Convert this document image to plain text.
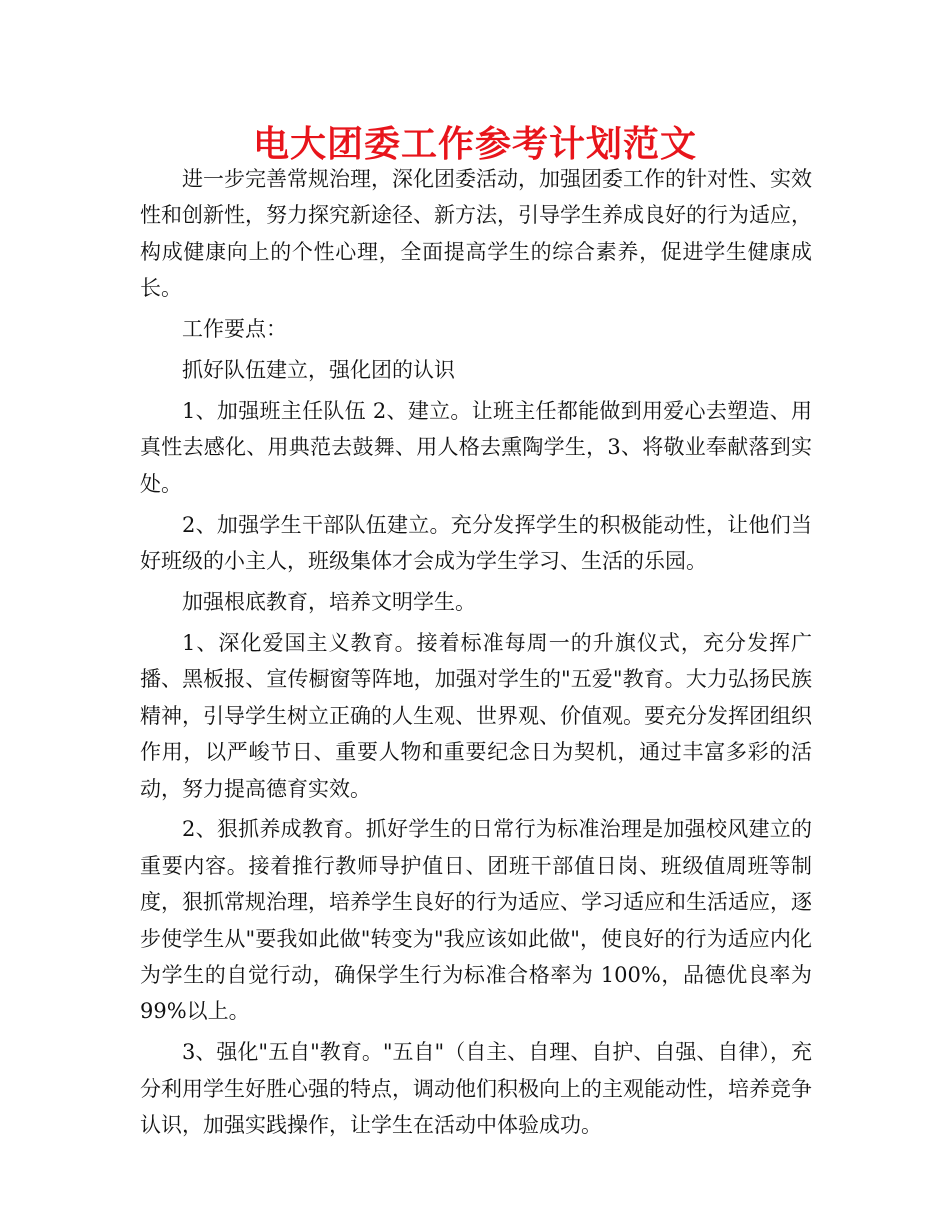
电大团委工作参考计划范文

进一步完善常规治理，深化团委活动，加强团委工作的针对性、实效性和创新性，努力探究新途径、新方法，引导学生养成良好的行为适应，构成健康向上的个性心理，全面提高学生的综合素养，促进学生健康成长。

工作要点：

抓好队伍建立，强化团的认识

1、加强班主任队伍 2、建立。让班主任都能做到用爱心去塑造、用真性去感化、用典范去鼓舞、用人格去熏陶学生，3、将敬业奉献落到实处。

2、加强学生干部队伍建立。充分发挥学生的积极能动性，让他们当好班级的小主人，班级集体才会成为学生学习、生活的乐园。

加强根底教育，培养文明学生。

1、深化爱国主义教育。接着标准每周一的升旗仪式，充分发挥广播、黑板报、宣传橱窗等阵地，加强对学生的"五爱"教育。大力弘扬民族精神，引导学生树立正确的人生观、世界观、价值观。要充分发挥团组织作用，以严峻节日、重要人物和重要纪念日为契机，通过丰富多彩的活动，努力提高德育实效。

2、狠抓养成教育。抓好学生的日常行为标准治理是加强校风建立的重要内容。接着推行教师导护值日、团班干部值日岗、班级值周班等制度，狠抓常规治理，培养学生良好的行为适应、学习适应和生活适应，逐步使学生从"要我如此做"转变为"我应该如此做"，使良好的行为适应内化为学生的自觉行动，确保学生行为标准合格率为 100%，品德优良率为 99%以上。

3、强化"五自"教育。"五自"（自主、自理、自护、自强、自律），充分利用学生好胜心强的特点，调动他们积极向上的主观能动性，培养竞争认识，加强实践操作，让学生在活动中体验成功。
